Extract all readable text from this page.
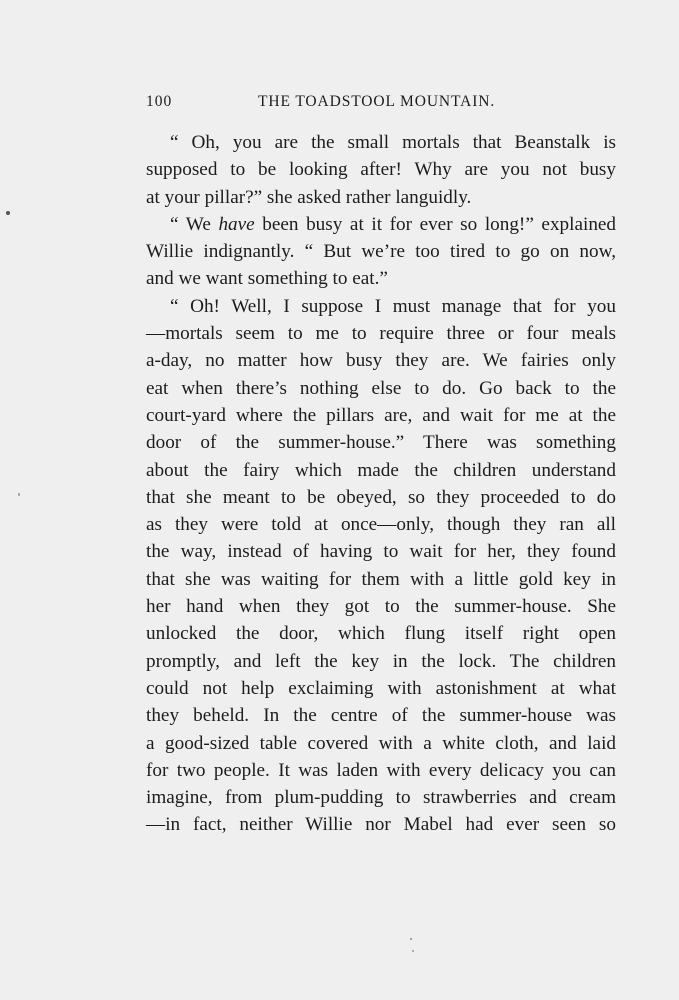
100	THE TOADSTOOL MOUNTAIN.
“ Oh, you are the small mortals that Beanstalk is
supposed to be looking after! Why are you not busy
at your pillar?” she asked rather languidly.
“ We have been busy at it for ever so long!” explained
Willie indignantly. “ But we’re too tired to go on now,
and we want something to eat.”
“ Oh! Well, I suppose I must manage that for you
—mortals seem to me to require three or four meals
a-day, no matter how busy they are. We fairies only
eat when there’s nothing else to do. Go back to the
court-yard where the pillars are, and wait for me at the
door of the summer-house.” There was something
about the fairy which made the children understand
that she meant to be obeyed, so they proceeded to do
as they were told at once—only, though they ran all
the way, instead of having to wait for her, they found
that she was waiting for them with a little gold key in
her hand when they got to the summer-house. She
unlocked the door, which flung itself right open
promptly, and left the key in the lock. The children
could not help exclaiming with astonishment at what
they beheld. In the centre of the summer-house was
a good-sized table covered with a white cloth, and laid
for two people. It was laden with every delicacy you can
imagine, from plum-pudding to strawberries and cream
—in fact, neither Willie nor Mabel had ever seen so
